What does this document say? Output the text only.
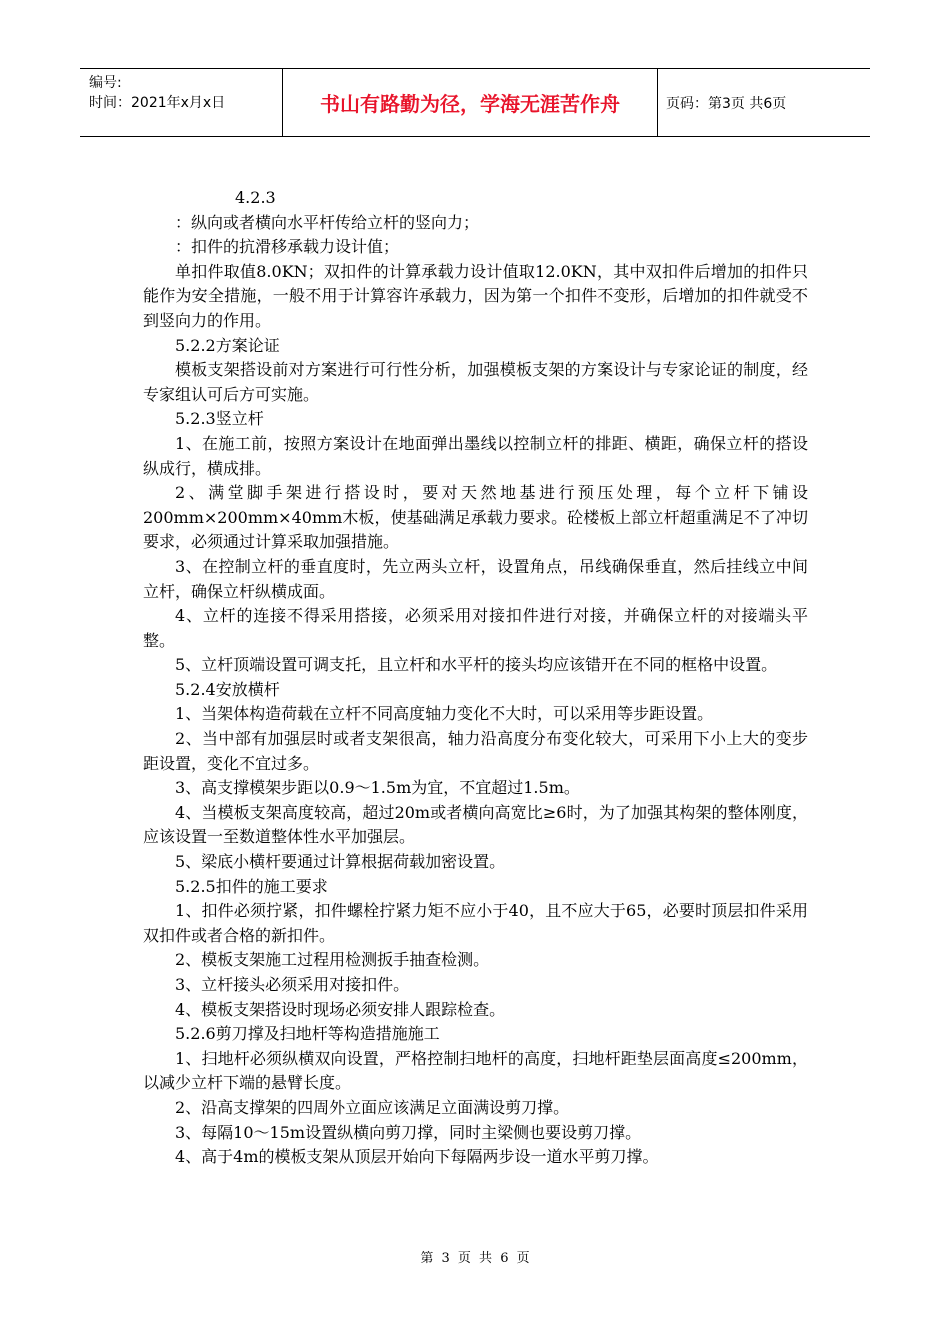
编号:
时间：2021年x月x日	书山有路勤为径，学海无涯苦作舟	页码：第3页 共6页

4.2.3

：纵向或者横向水平杆传给立杆的竖向力；

：扣件的抗滑移承载力设计值；

单扣件取值8.0KN；双扣件的计算承载力设计值取12.0KN，其中双扣件后增加的扣件只能作为安全措施，一般不用于计算容许承载力，因为第一个扣件不变形，后增加的扣件就受不到竖向力的作用。

5.2.2方案论证

模板支架搭设前对方案进行可行性分析，加强模板支架的方案设计与专家论证的制度，经专家组认可后方可实施。

5.2.3竖立杆

1、在施工前，按照方案设计在地面弹出墨线以控制立杆的排距、横距，确保立杆的搭设纵成行，横成排。

2、满堂脚手架进行搭设时，要对天然地基进行预压处理，每个立杆下铺设200mm×200mm×40mm木板，使基础满足承载力要求。砼楼板上部立杆超重满足不了冲切要求，必须通过计算采取加强措施。

3、在控制立杆的垂直度时，先立两头立杆，设置角点，吊线确保垂直，然后挂线立中间立杆，确保立杆纵横成面。

4、立杆的连接不得采用搭接，必须采用对接扣件进行对接，并确保立杆的对接端头平整。

5、立杆顶端设置可调支托，且立杆和水平杆的接头均应该错开在不同的框格中设置。

5.2.4安放横杆

1、当架体构造荷载在立杆不同高度轴力变化不大时，可以采用等步距设置。

2、当中部有加强层时或者支架很高，轴力沿高度分布变化较大，可采用下小上大的变步距设置，变化不宜过多。

3、高支撑模架步距以0.9～1.5m为宜，不宜超过1.5m。

4、当模板支架高度较高，超过20m或者横向高宽比≥6时，为了加强其构架的整体刚度，应该设置一至数道整体性水平加强层。

5、梁底小横杆要通过计算根据荷载加密设置。

5.2.5扣件的施工要求

1、扣件必须拧紧，扣件螺栓拧紧力矩不应小于40，且不应大于65，必要时顶层扣件采用双扣件或者合格的新扣件。

2、模板支架施工过程用检测扳手抽查检测。

3、立杆接头必须采用对接扣件。

4、模板支架搭设时现场必须安排人跟踪检查。

5.2.6剪刀撑及扫地杆等构造措施施工

1、扫地杆必须纵横双向设置，严格控制扫地杆的高度，扫地杆距垫层面高度≤200mm，以减少立杆下端的悬臂长度。

2、沿高支撑架的四周外立面应该满足立面满设剪刀撑。

3、每隔10～15m设置纵横向剪刀撑，同时主梁侧也要设剪刀撑。

4、高于4m的模板支架从顶层开始向下每隔两步设一道水平剪刀撑。

第 3 页 共 6 页
